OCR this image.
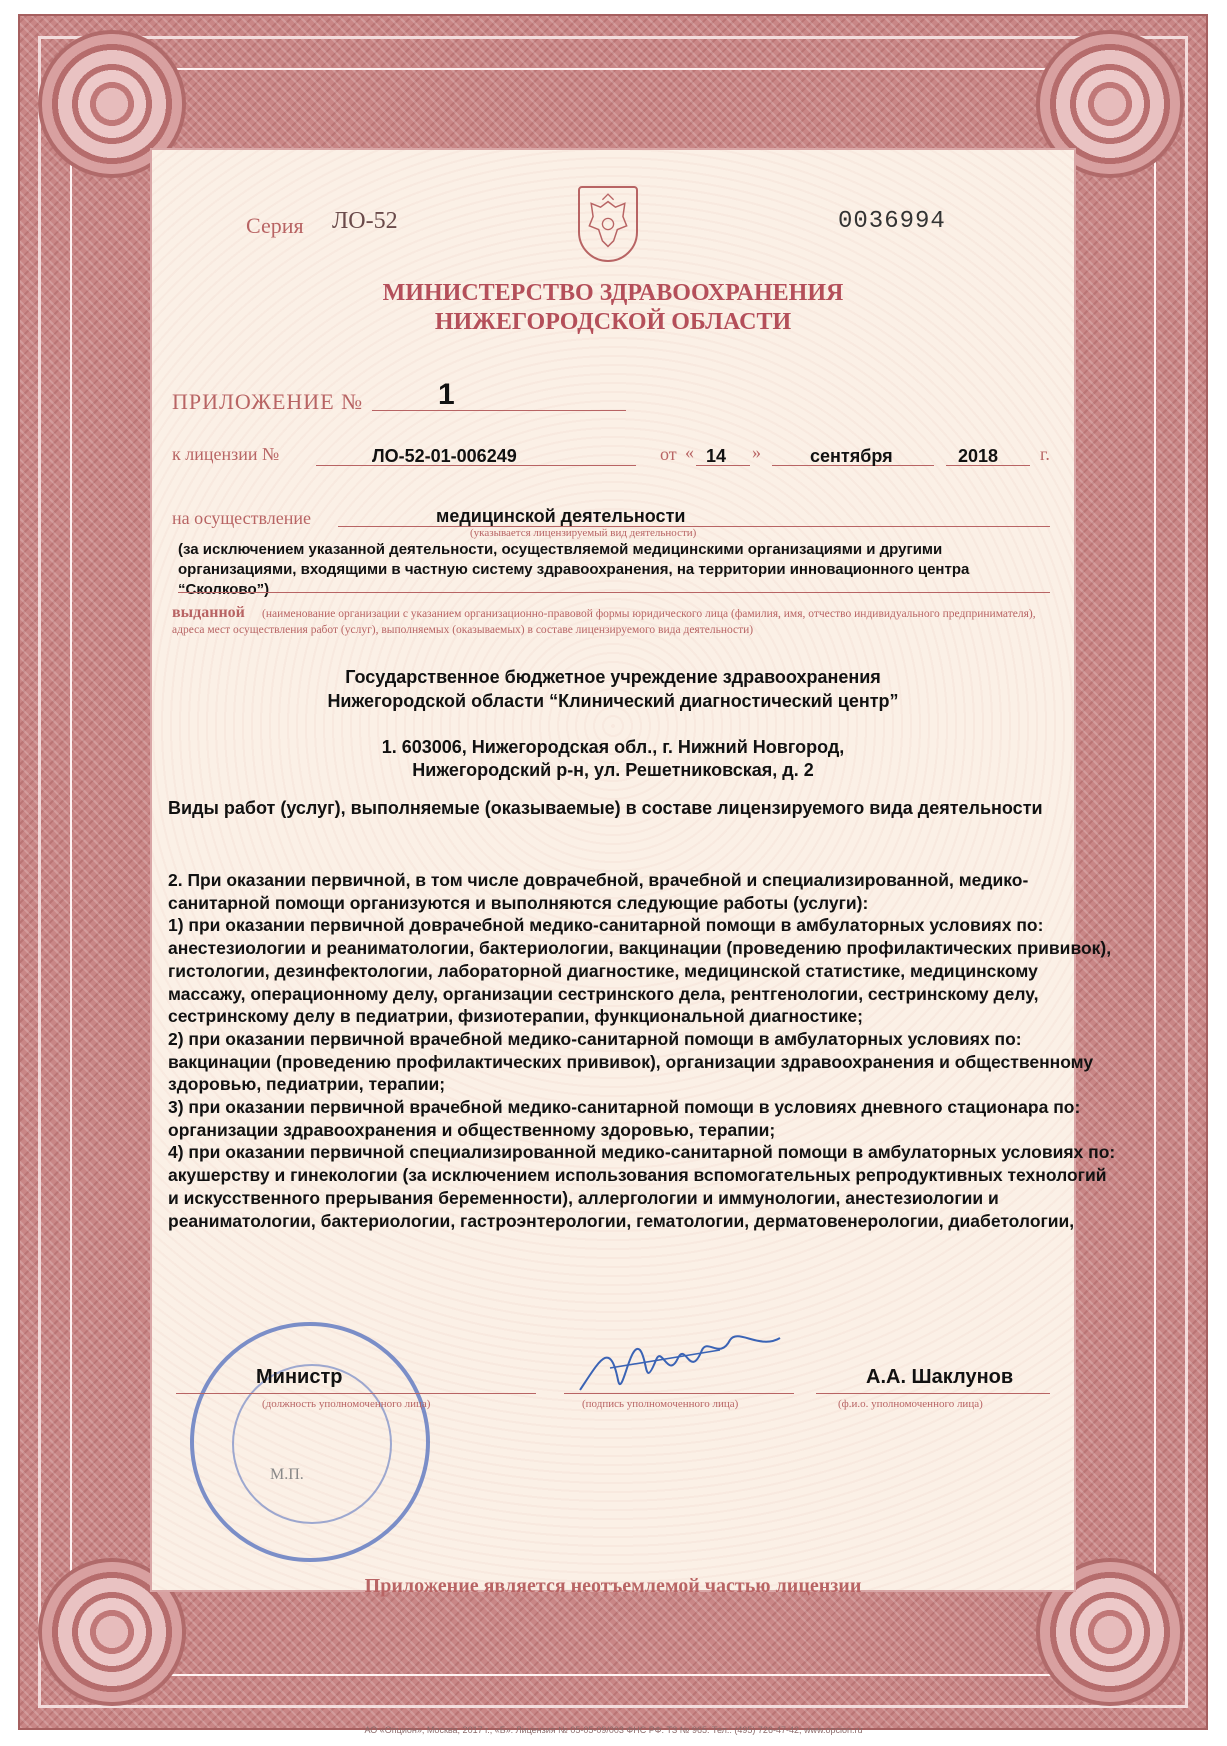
Серия ЛО-52	0036994
МИНИСТЕРСТВО ЗДРАВООХРАНЕНИЯ
НИЖЕГОРОДСКОЙ ОБЛАСТИ
ПРИЛОЖЕНИЕ № 1
к лицензии №	ЛО-52-01-006249	от « 14 »	сентября	2018 г.
на осуществление	медицинской деятельности
(указывается лицензируемый вид деятельности)
(за исключением указанной деятельности, осуществляемой медицинскими организациями и другими организациями, входящими в частную систему здравоохранения, на территории инновационного центра “Сколково”)
(наименование организации с указанием организационно-правовой формы юридического лица (фамилия, имя, отчество индивидуального предпринимателя), адреса мест осуществления работ (услуг), выполняемых (оказываемых) в составе лицензируемого вида деятельности)
выданной
Государственное бюджетное учреждение здравоохранения
Нижегородской области “Клинический диагностический центр”
1. 603006, Нижегородская обл., г. Нижний Новгород,
Нижегородский р-н, ул. Решетниковская, д. 2
Виды работ (услуг), выполняемые (оказываемые) в составе лицензируемого вида деятельности

2. При оказании первичной, в том числе доврачебной, врачебной и специализированной, медико-санитарной помощи организуются и выполняются следующие работы (услуги):

1) при оказании первичной доврачебной медико-санитарной помощи в амбулаторных условиях по: анестезиологии и реаниматологии, бактериологии, вакцинации (проведению профилактических прививок), гистологии, дезинфектологии, лабораторной диагностике, медицинской статистике, медицинскому массажу, операционному делу, организации сестринского дела, рентгенологии, сестринскому делу, сестринскому делу в педиатрии, физиотерапии, функциональной диагностике;

2) при оказании первичной врачебной медико-санитарной помощи в амбулаторных условиях по: вакцинации (проведению профилактических прививок), организации здравоохранения и общественному здоровью, педиатрии, терапии;

3) при оказании первичной врачебной медико-санитарной помощи в условиях дневного стационара по: организации здравоохранения и общественному здоровью, терапии;

4) при оказании первичной специализированной медико-санитарной помощи в амбулаторных условиях по: акушерству и гинекологии (за исключением использования вспомогательных репродуктивных технологий и искусственного прерывания беременности), аллергологии и иммунологии, анестезиологии и реаниматологии, бактериологии, гастроэнтерологии, гематологии, дерматовенерологии, диабетологии,

Министр	А.А. Шаклунов
(должность уполномоченного лица)	(подпись уполномоченного лица)	(ф.и.о. уполномоченного лица)
М.П.
Приложение является неотъемлемой частью лицензии
АО «Опцион», Москва, 2017 г., «Б». Лицензия № 05-05-09/003 ФНС РФ. ТЗ № 965. Тел.: (495) 726-47-42, www.opcion.ru
